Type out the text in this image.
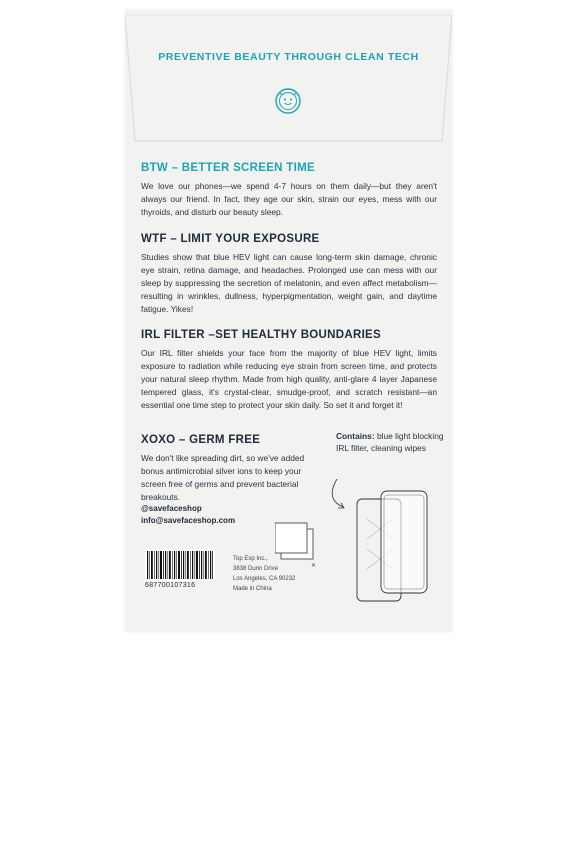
PREVENTIVE BEAUTY THROUGH CLEAN TECH

BTW – BETTER SCREEN TIME

We love our phones—we spend 4-7 hours on them daily—but they aren't always our friend. In fact, they age our skin, strain our eyes, mess with our thyroids, and disturb our beauty sleep.

WTF – LIMIT YOUR EXPOSURE

Studies show that blue HEV light can cause long-term skin damage, chronic eye strain, retina damage, and headaches. Prolonged use can mess with our sleep by suppressing the secretion of melatonin, and even affect metabolism—resulting in wrinkles, dullness, hyperpigmentation, weight gain, and daytime fatigue. Yikes!

IRL FILTER –SET HEALTHY BOUNDARIES

Our IRL filter shields your face from the majority of blue HEV light, limits exposure to radiation while reducing eye strain from screen time, and protects your natural sleep rhythm. Made from high quality, anti-glare 4 layer Japanese tempered glass, it's crystal-clear, smudge-proof, and scratch resistant—an essential one time step to protect your skin daily. So set it and forget it!

XOXO – GERM FREE

We don't like spreading dirt, so we've added bonus antimicrobial silver ions to keep your screen free of germs and prevent bacterial breakouts.

Contains: blue light blocking IRL filter, cleaning wipes
@savefaceshop
info@savefaceshop.com
687700107316
Top Exp Inc.,
3838 Dunn Drive
Los Angeles, CA 90232
Made in China
×
